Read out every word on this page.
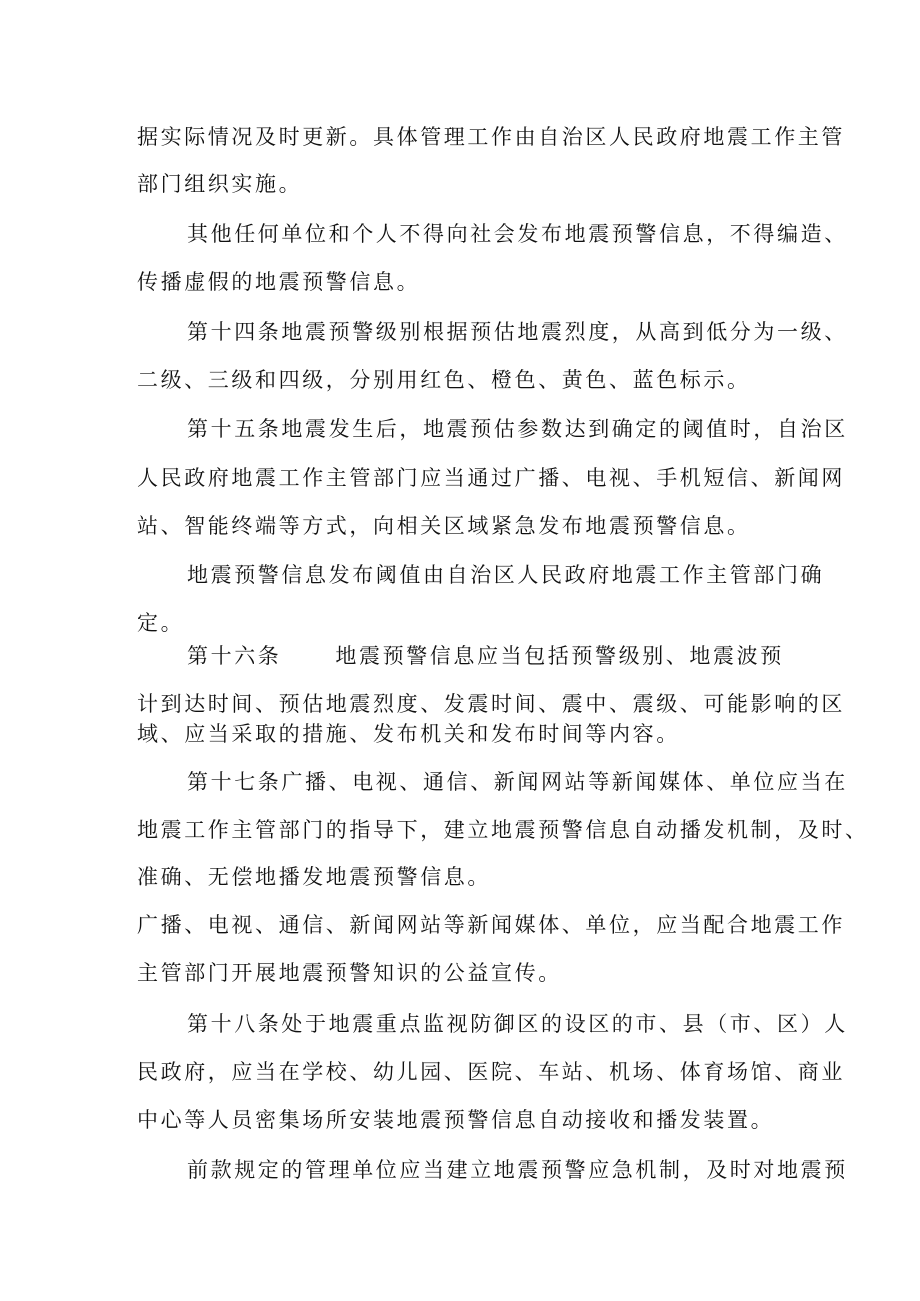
据实际情况及时更新。具体管理工作由自治区人民政府地震工作主管
部门组织实施。
其他任何单位和个人不得向社会发布地震预警信息，不得编造、
传播虚假的地震预警信息。
第十四条地震预警级别根据预估地震烈度，从高到低分为一级、
二级、三级和四级，分别用红色、橙色、黄色、蓝色标示。
第十五条地震发生后，地震预估参数达到确定的阈值时，自治区
人民政府地震工作主管部门应当通过广播、电视、手机短信、新闻网
站、智能终端等方式，向相关区域紧急发布地震预警信息。
地震预警信息发布阈值由自治区人民政府地震工作主管部门确
定。
第十六条	地震预警信息应当包括预警级别、地震波预
计到达时间、预估地震烈度、发震时间、震中、震级、可能影响的区
域、应当采取的措施、发布机关和发布时间等内容。
第十七条广播、电视、通信、新闻网站等新闻媒体、单位应当在
地震工作主管部门的指导下，建立地震预警信息自动播发机制，及时、
准确、无偿地播发地震预警信息。
广播、电视、通信、新闻网站等新闻媒体、单位，应当配合地震工作
主管部门开展地震预警知识的公益宣传。
第十八条处于地震重点监视防御区的设区的市、县（市、区）人
民政府，应当在学校、幼儿园、医院、车站、机场、体育场馆、商业
中心等人员密集场所安装地震预警信息自动接收和播发装置。
前款规定的管理单位应当建立地震预警应急机制，及时对地震预
